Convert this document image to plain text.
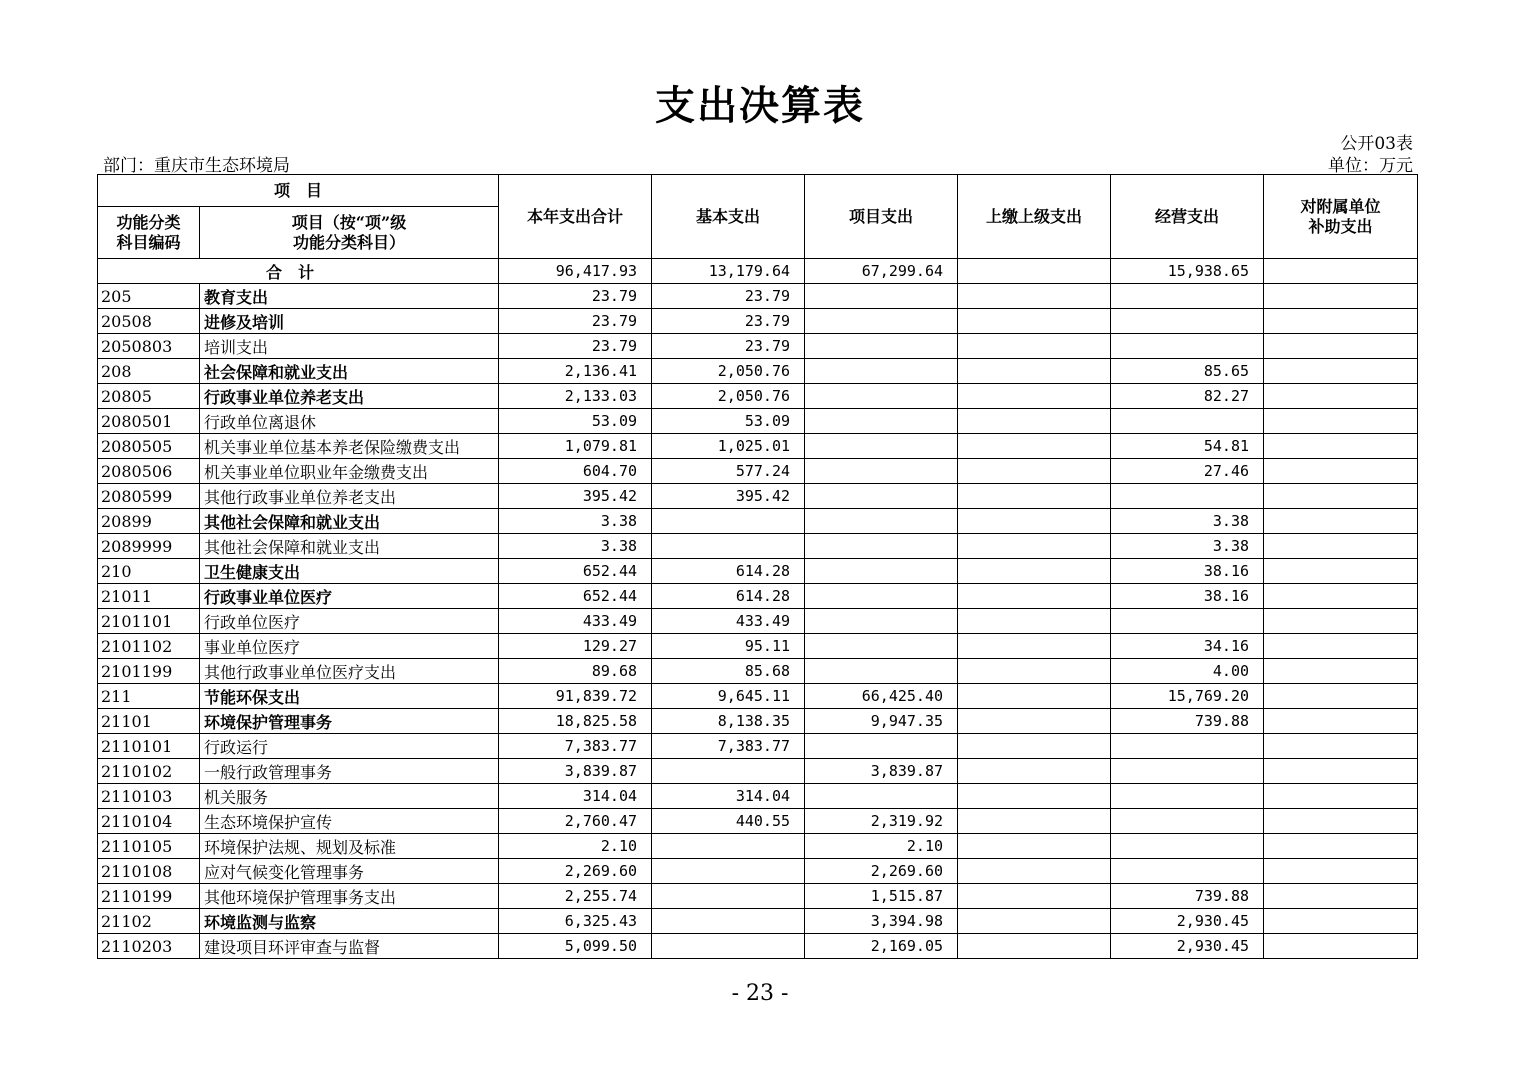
支出决算表
公开03表
部门：重庆市生态环境局	单位：万元
项　目		本年支出合计	基本支出	项目支出	上缴上级支出	经营支出	对附属单位
补助支出
功能分类
科目编码	项目（按“项”级
功能分类科目）						
合计		96,417.93	13,179.64	67,299.64		15,938.65	
205	教育支出	23.79	23.79				
20508	进修及培训	23.79	23.79				
2050803	培训支出	23.79	23.79				
208	社会保障和就业支出	2,136.41	2,050.76			85.65	
20805	行政事业单位养老支出	2,133.03	2,050.76			82.27	
2080501	行政单位离退休	53.09	53.09				
2080505	机关事业单位基本养老保险缴费支出	1,079.81	1,025.01			54.81	
2080506	机关事业单位职业年金缴费支出	604.70	577.24			27.46	
2080599	其他行政事业单位养老支出	395.42	395.42				
20899	其他社会保障和就业支出	3.38				3.38	
2089999	其他社会保障和就业支出	3.38				3.38	
210	卫生健康支出	652.44	614.28			38.16	
21011	行政事业单位医疗	652.44	614.28			38.16	
2101101	行政单位医疗	433.49	433.49				
2101102	事业单位医疗	129.27	95.11			34.16	
2101199	其他行政事业单位医疗支出	89.68	85.68			4.00	
211	节能环保支出	91,839.72	9,645.11	66,425.40		15,769.20	
21101	环境保护管理事务	18,825.58	8,138.35	9,947.35		739.88	
2110101	行政运行	7,383.77	7,383.77				
2110102	一般行政管理事务	3,839.87		3,839.87			
2110103	机关服务	314.04	314.04				
2110104	生态环境保护宣传	2,760.47	440.55	2,319.92			
2110105	环境保护法规、规划及标准	2.10		2.10			
2110108	应对气候变化管理事务	2,269.60		2,269.60			
2110199	其他环境保护管理事务支出	2,255.74		1,515.87		739.88	
21102	环境监测与监察	6,325.43		3,394.98		2,930.45	
2110203	建设项目环评审查与监督	5,099.50		2,169.05		2,930.45	
- 23 -
